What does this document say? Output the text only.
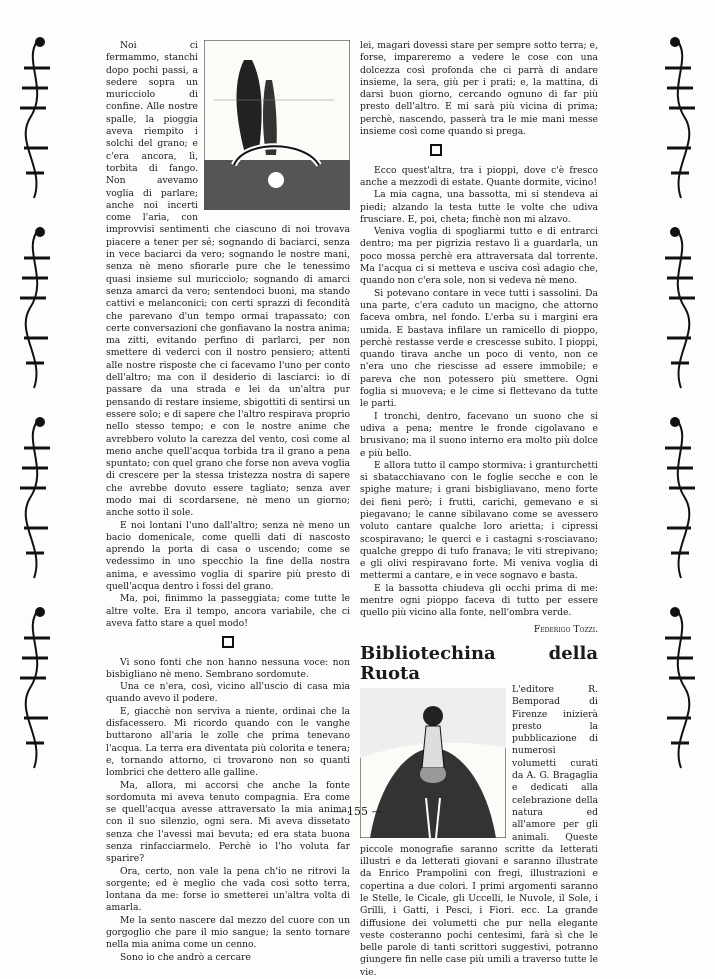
Noi ci fermammo, stanchi dopo pochi passi, a sedere sopra un muricciolo di confine. Alle nostre spalle, la pioggia aveva riempito i solchi del grano; e c'era ancora, lì, torbita di fango. Non avevamo voglia di parlare; anche noi incerti come l'aria, con improvvisi sentimenti che ciascuno di noi trovava piacere a tener per sé; sognando di baciarci, senza in vece baciarci da vero; sognando le nostre mani, senza nè meno sfiorarle pure che le tenessimo quasi insieme sul muricciolo; sognando di amarci senza amarci da vero; sentendoci buoni, ma stando cattivi e melanconici; con certi sprazzi di fecondità che parevano d'un tempo ormai trapassato; con certe conversazioni che gonfiavano la nostra anima; ma zitti, evitando perfino di parlarci, per non smettere di vederci con il nostro pensiero; attenti alle nostre risposte che ci facevamo l'uno per conto dell'altro; ma con il desiderio di lasciarci: io di passare da una strada e lei da un'altra pur pensando di restare insieme, sbigottiti di sentirsi un essere solo; e di sapere che l'altro respirava proprio nello stesso tempo; e con le nostre anime che avrebbero voluto la carezza del vento, così come al meno anche quell'acqua torbida tra il grano a pena spuntato; con quel grano che forse non aveva voglia di crescere per la stessa tristezza nostra di sapere che avrebbe dovuto essere tagliato; senza aver modo mai di scordarsene, nè meno un giorno; anche sotto il sole.

E noi lontani l'uno dall'altro; senza nè meno un bacio domenicale, come quelli dati di nascosto aprendo la porta di casa o uscendo; come se vedessimo in uno specchio la fine della nostra anima, e avessimo voglia di sparire più presto di quell'acqua dentro i fossi del grano.

Ma, poi, finimmo la passeggiata; come tutte le altre volte. Era il tempo, ancora variabile, che ci aveva fatto stare a quel modo!

Vi sono fonti che non hanno nessuna voce: non bisbigliano nè meno. Sembrano sordomute.

Una ce n'era, così, vicino all'uscio di casa mia quando avevo il podere.

E, giacchè non serviva a niente, ordinai che la disfacessero. Mi ricordo quando con le vanghe buttarono all'aria le zolle che prima tenevano l'acqua. La terra era diventata più colorita e tenera; e, tornando attorno, ci trovarono non so quanti lombrici che dettero alle galline.

Ma, allora, mi accorsi che anche la fonte sordomuta mi aveva tenuto compagnia. Era come se quell'acqua avesse attraversato la mia anima, con il suo silenzio, ogni sera. Mi aveva dissetato senza che l'avessi mai bevuta; ed era stata buona senza rinfacciarmelo. Perchè io l'ho voluta far sparire?

Ora, certo, non vale la pena ch'io ne ritrovi la sorgente; ed è meglio che vada così sotto terra, lontana da me: forse io smetterei un'altra volta di amarla.

Me la sento nascere dal mezzo del cuore con un gorgoglio che pare il mio sangue; la sento tornare nella mia anima come un cenno.

Sono io che andrò a cercare

lei, magari dovessi stare per sempre sotto terra; e, forse, impareremo a vedere le cose con una dolcezza così profonda che ci parrà di andare insieme, la sera, giù per i prati; e, la mattina, di darsi buon giorno, cercando ognuno di far più presto dell'altro. E mi sarà più vicina di prima; perchè, nascendo, passerà tra le mie mani messe insieme così come quando si prega.

Ecco quest'altra, tra i pioppi, dove c'è fresco anche a mezzodì di estate. Quante dormite, vicino!

La mia cagna, una bassotta, mi si stendeva ai piedi; alzando la testa tutte le volte che udiva frusciare. E, poi, cheta; finchè non mi alzavo.

Veniva voglia di spogliarmi tutto e di entrarci dentro; ma per pigrizia restavo lì a guardarla, un poco mossa perchè era attraversata dal torrente. Ma l'acqua ci si metteva e usciva così adagio che, quando non c'era sole, non si vedeva nè meno.

Si potevano contare in vece tutti i sassolini. Da una parte, c'era caduto un macigno, che attorno faceva ombra, nel fondo. L'erba su i margini era umida. E bastava infilare un ramicello di pioppo, perchè restasse verde e crescesse subito. I pioppi, quando tirava anche un poco di vento, non ce n'era uno che riescisse ad essere immobile; e pareva che non potessero più smettere. Ogni foglia si muoveva; e le cime si flettevano da tutte le parti.

I tronchi, dentro, facevano un suono che si udiva a pena; mentre le fronde cigolavano e brusivano; ma il suono interno era molto più dolce e più bello.

E allora tutto il campo stormiva: i granturchetti si sbatacchiavano con le foglie secche e con le spighe mature; i grani bisbigliavano, meno forte dei fieni però; i frutti, carichi, gemevano e si piegavano; le canne sibilavano come se avessero voluto cantare qualche loro arietta; i cipressi scospiravano; le querci e i castagni s·rosciavano; qualche greppo di tufo franava; le viti strepivano; e gli olivi respiravano forte. Mi veniva voglia di mettermi a cantare, e in vece sognavo e basta.

E la bassotta chiudeva gli occhi prima di me: mentre ogni pioppo faceva di tutto per essere quello più vicino alla fonte, nell'ombra verde.

Federigo Tozzi.

Bibliotechina della Ruota

L'editore R. Bemporad di Firenze inizierà presto la pubblicazione di numerosi volumetti curati da A. G. Bragaglia e dedicati alla celebrazione della natura ed all'amore per gli animali. Queste piccole monografie saranno scritte da letterati illustri e da letterati giovani e saranno illustrate da Enrico Prampolini con fregi, illustrazioni e copertina a due colori. I primi argomenti saranno le Stelle, le Cicale, gli Uccelli, le Nuvole, il Sole, i Grilli, i Gatti, i Pesci, i Fiori. ecc. La grande diffusione dei volumetti che pur nella elegante veste costeranno pochi centesimi, farà sì che le belle parole di tanti scrittori suggestivi, potranno giungere fin nelle case più umili a traverso tutte le vie.

— 155 —
